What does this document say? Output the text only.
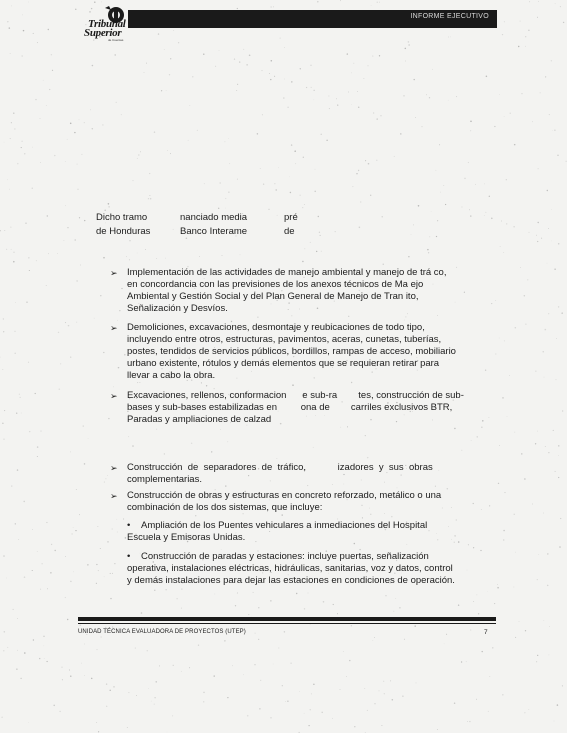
Tribunal
Superior
de Cuentas
INFORME EJECUTIVO
Dicho tramo	nanciado media	pré
de Honduras	Banco Interame	de
➢ Implementación de las actividades de manejo ambiental y manejo de trá co,
en concordancia con las previsiones de los anexos técnicos de Ma ejo
Ambiental y Gestión Social y del Plan General de Manejo de Tran ito,
Señalización y Desvíos.
➢ Demoliciones, excavaciones, desmontaje y reubicaciones de todo tipo,
incluyendo entre otros, estructuras, pavimentos, aceras, cunetas, tuberías,
postes, tendidos de servicios públicos, bordillos, rampas de acceso, mobiliario
urbano existente, rótulos y demás elementos que se requieran retirar para
llevar a cabo la obra.
➢ Excavaciones, rellenos, conformacion      e sub-ra        tes, construcción de sub-
bases y sub-bases estabilizadas en         ona de        carriles exclusivos BTR,
Paradas y ampliaciones de calzad
➢ Construcción  de  separadores  de  tráfico,            izadores  y  sus  obras
complementarias.
➢ Construcción de obras y estructuras en concreto reforzado, metálico o una
combinación de los dos sistemas, que incluye:
• Ampliación de los Puentes vehiculares a inmediaciones del Hospital
Escuela y Emisoras Unidas.
• Construcción de paradas y estaciones: incluye puertas, señalización
operativa, instalaciones eléctricas, hidráulicas, sanitarias, voz y datos, control
y demás instalaciones para dejar las estaciones en condiciones de operación.
UNIDAD TÉCNICA EVALUADORA DE PROYECTOS (UTEP)	7
